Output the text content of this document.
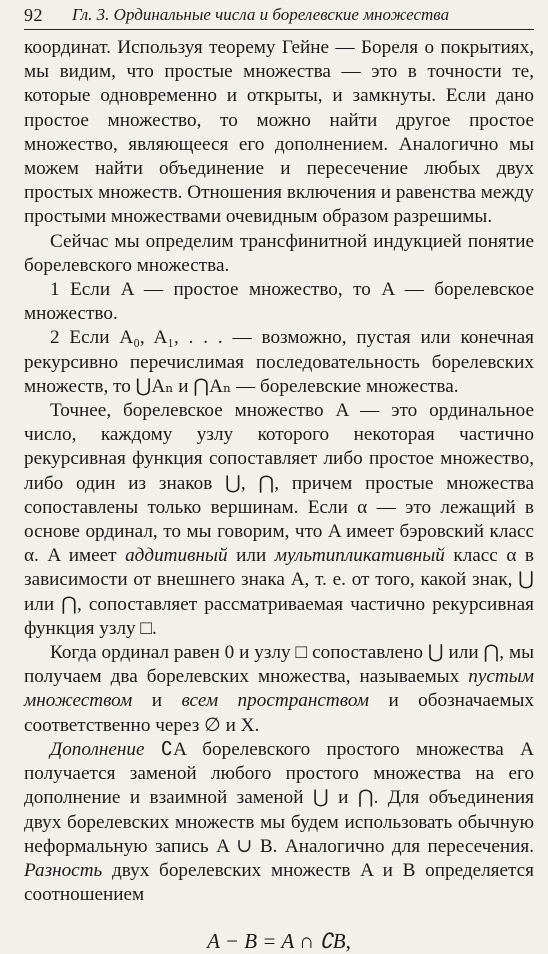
92 Гл. 3. Ординальные числа и борелевские множества

координат. Используя теорему Гейне — Бореля о покрытиях, мы видим, что простые множества — это в точности те, которые одновременно и открыты, и замкнуты. Если дано простое множество, то можно найти другое простое множество, являющееся его дополнением. Аналогично мы можем найти объединение и пересечение любых двух простых множеств. Отношения включения и равенства между простыми множествами очевидным образом разрешимы.

Сейчас мы определим трансфинитной индукцией понятие борелевского множества.

1 Если A — простое множество, то A — борелевское множество.

2 Если A₀, A₁, . . . — возможно, пустая или конечная рекурсивно перечислимая последовательность борелевских множеств, то ⋃Aₙ и ⋂Aₙ — борелевские множества.

Точнее, борелевское множество A — это ординальное число, каждому узлу которого некоторая частично рекурсивная функция сопоставляет либо простое множество, либо один из знаков ⋃, ⋂, причем простые множества сопоставлены только вершинам. Если α — это лежащий в основе ординал, то мы говорим, что A имеет бэровский класс α. A имеет аддитивный или мультипликативный класс α в зависимости от внешнего знака A, т. е. от того, какой знак, ⋃ или ⋂, сопоставляет рассматриваемая частично рекурсивная функция узлу □.

Когда ординал равен 0 и узлу □ сопоставлено ⋃ или ⋂, мы получаем два борелевских множества, называемых пустым множеством и всем пространством и обозначаемых соответственно через ∅ и X.

Дополнение ∁A борелевского простого множества A получается заменой любого простого множества на его дополнение и взаимной заменой ⋃ и ⋂. Для объединения двух борелевских множеств мы будем использовать обычную неформальную запись A ∪ B. Аналогично для пересечения. Разность двух борелевских множеств A и B определяется соотношением

A − B = A ∩ ∁B,
